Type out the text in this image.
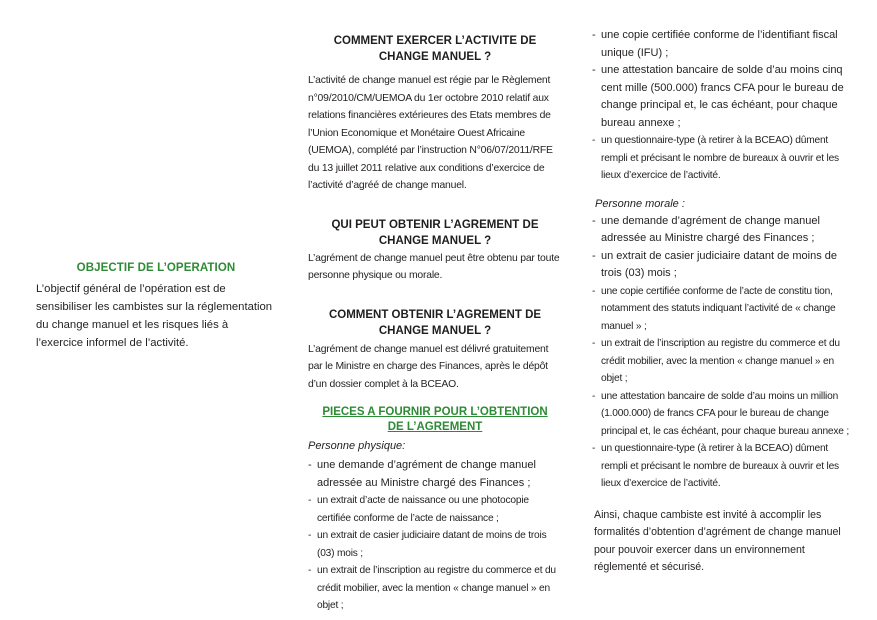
OBJECTIF DE L’OPERATION
L’objectif général de l’opération est de sensibiliser les cambistes sur la réglementation du change manuel et les risques liés à l’exercice informel de l’activité.
COMMENT EXERCER L’ACTIVITE DE CHANGE MANUEL ?
L’activité de change manuel est régie par le Règlement n°09/2010/CM/UEMOA du 1er octobre 2010 relatif aux relations financières extérieures des Etats membres de l’Union Economique et Monétaire Ouest Africaine (UEMOA), complété par l’instruction N°06/07/2011/RFE du 13 juillet 2011 relative aux conditions d’exercice de l’activité d’agréé de change manuel.
QUI PEUT OBTENIR L’AGREMENT DE CHANGE MANUEL ?
L’agrément de change manuel peut être obtenu par toute personne physique ou morale.
COMMENT OBTENIR L’AGREMENT DE CHANGE MANUEL ?
L’agrément de change manuel est délivré gratuitement par le Ministre en charge des Finances, après le dépôt d’un dossier complet à la BCEAO.
PIECES A FOURNIR POUR L’OBTENTION DE L’AGREMENT
Personne physique:
- une demande d’agrément de change manuel adressée au Ministre chargé des Finances ;
- un extrait d’acte de naissance ou une photocopie certifiée conforme de l’acte de naissance ;
- un extrait de casier judiciaire datant de moins de trois (03) mois ;
- un extrait de l’inscription au registre du commerce et du crédit mobilier, avec la mention « change manuel » en objet ;
- une copie certifiée conforme de l’identifiant fiscal unique (IFU) ;
- une attestation bancaire de solde d’au moins cinq cent mille (500.000) francs CFA pour le bureau de change principal et, le cas échéant, pour chaque bureau annexe ;
- un questionnaire-type (à retirer à la BCEAO) dûment rempli et précisant le nombre de bureaux à ouvrir et les lieux d’exercice de l’activité.
Personne morale :
- une demande d’agrément de change manuel adressée au Ministre chargé des Finances ;
- un extrait de casier judiciaire datant de moins de trois (03) mois ;
- une copie certifiée conforme de l’acte de constitu tion, notamment des statuts indiquant l’activité de « change manuel » ;
- un extrait de l’inscription au registre du commerce et du crédit mobilier, avec la mention « change manuel » en objet ;
- une attestation bancaire de solde d’au moins un million (1.000.000) de francs CFA pour le bureau de change principal et, le cas échéant, pour chaque bureau annexe ;
- un questionnaire-type (à retirer à la BCEAO) dûment rempli et précisant le nombre de bureaux à ouvrir et les lieux d’exercice de l’activité.
Ainsi, chaque cambiste est invité à accomplir les formalités d’obtention d’agrément de change manuel pour pouvoir exercer dans un environnement réglementé et sécurisé.
